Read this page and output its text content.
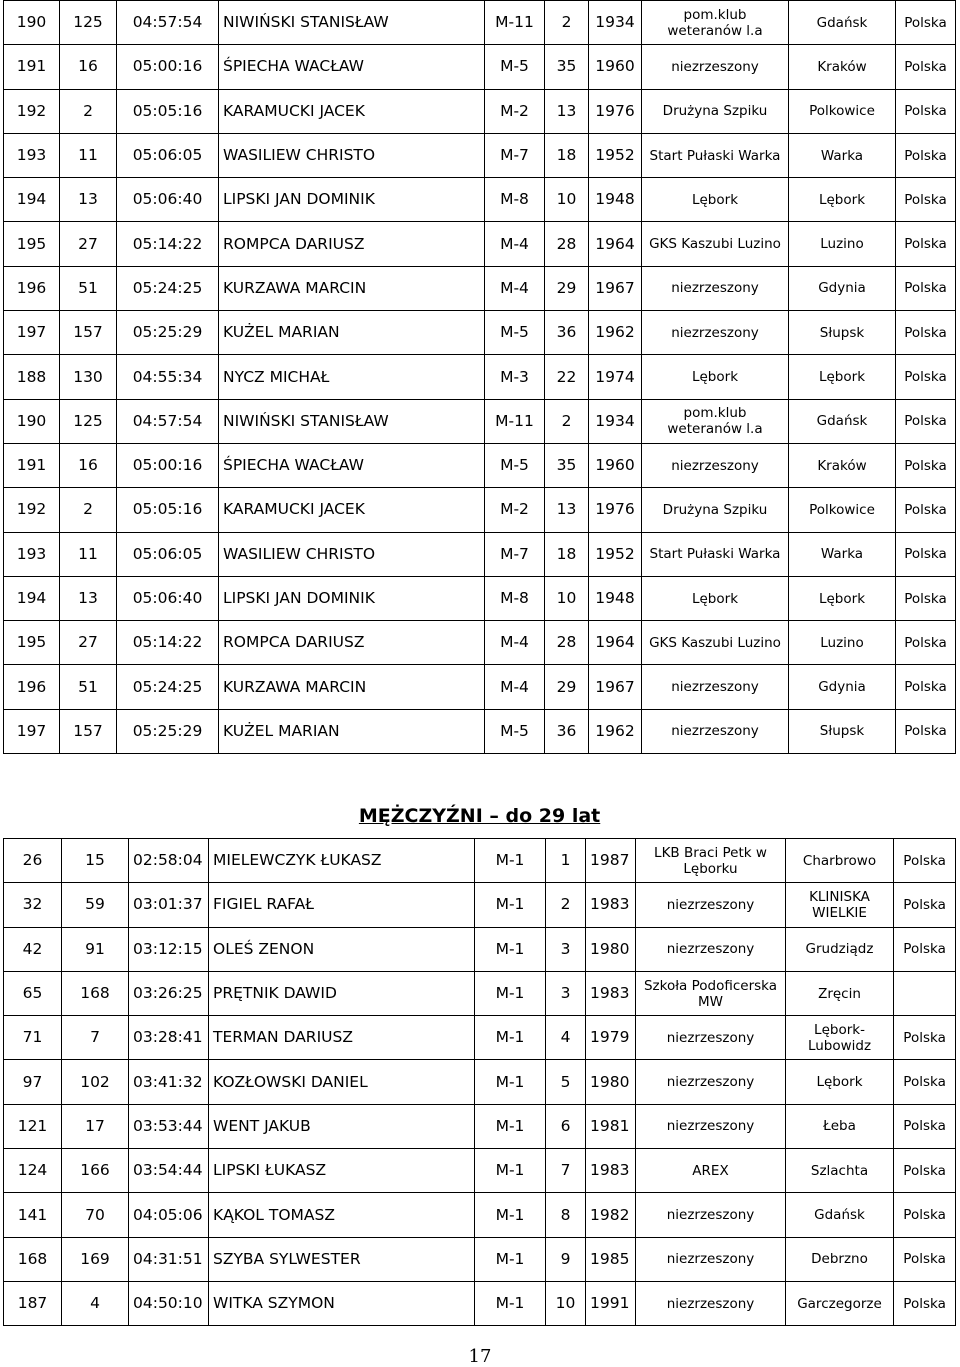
190	125	04:57:54	NIWIŃSKI STANISŁAW	M-11	2	1934	pom.klub weteranów l.a	Gdańsk	Polska
191	16	05:00:16	ŚPIECHA WACŁAW	M-5	35	1960	niezrzeszony	Kraków	Polska
192	2	05:05:16	KARAMUCKI JACEK	M-2	13	1976	Drużyna Szpiku	Polkowice	Polska
193	11	05:06:05	WASILIEW CHRISTO	M-7	18	1952	Start Pułaski Warka	Warka	Polska
194	13	05:06:40	LIPSKI JAN DOMINIK	M-8	10	1948	Lębork	Lębork	Polska
195	27	05:14:22	ROMPCA DARIUSZ	M-4	28	1964	GKS Kaszubi Luzino	Luzino	Polska
196	51	05:24:25	KURZAWA MARCIN	M-4	29	1967	niezrzeszony	Gdynia	Polska
197	157	05:25:29	KUŻEL MARIAN	M-5	36	1962	niezrzeszony	Słupsk	Polska
188	130	04:55:34	NYCZ MICHAŁ	M-3	22	1974	Lębork	Lębork	Polska
190	125	04:57:54	NIWIŃSKI STANISŁAW	M-11	2	1934	pom.klub weteranów l.a	Gdańsk	Polska
191	16	05:00:16	ŚPIECHA WACŁAW	M-5	35	1960	niezrzeszony	Kraków	Polska
192	2	05:05:16	KARAMUCKI JACEK	M-2	13	1976	Drużyna Szpiku	Polkowice	Polska
193	11	05:06:05	WASILIEW CHRISTO	M-7	18	1952	Start Pułaski Warka	Warka	Polska
194	13	05:06:40	LIPSKI JAN DOMINIK	M-8	10	1948	Lębork	Lębork	Polska
195	27	05:14:22	ROMPCA DARIUSZ	M-4	28	1964	GKS Kaszubi Luzino	Luzino	Polska
196	51	05:24:25	KURZAWA MARCIN	M-4	29	1967	niezrzeszony	Gdynia	Polska
197	157	05:25:29	KUŻEL MARIAN	M-5	36	1962	niezrzeszony	Słupsk	Polska
MĘŻCZYŹNI – do 29 lat									
26	15	02:58:04	MIELEWCZYK ŁUKASZ	M-1	1	1987	LKB Braci Petk w Lęborku	Charbrowo	Polska
32	59	03:01:37	FIGIEL RAFAŁ	M-1	2	1983	niezrzeszony	KLINISKA WIELKIE	Polska
42	91	03:12:15	OLEŚ ZENON	M-1	3	1980	niezrzeszony	Grudziądz	Polska
65	168	03:26:25	PRĘTNIK DAWID	M-1	3	1983	Szkoła Podoficerska MW	Zręcin	
71	7	03:28:41	TERMAN DARIUSZ	M-1	4	1979	niezrzeszony	Lębork-Lubowidz	Polska
97	102	03:41:32	KOZŁOWSKI DANIEL	M-1	5	1980	niezrzeszony	Lębork	Polska
121	17	03:53:44	WENT JAKUB	M-1	6	1981	niezrzeszony	Łeba	Polska
124	166	03:54:44	LIPSKI ŁUKASZ	M-1	7	1983	AREX	Szlachta	Polska
141	70	04:05:06	KĄKOL TOMASZ	M-1	8	1982	niezrzeszony	Gdańsk	Polska
168	169	04:31:51	SZYBA SYLWESTER	M-1	9	1985	niezrzeszony	Debrzno	Polska
187	4	04:50:10	WITKA SZYMON	M-1	10	1991	niezrzeszony	Garczegorze	Polska
17
